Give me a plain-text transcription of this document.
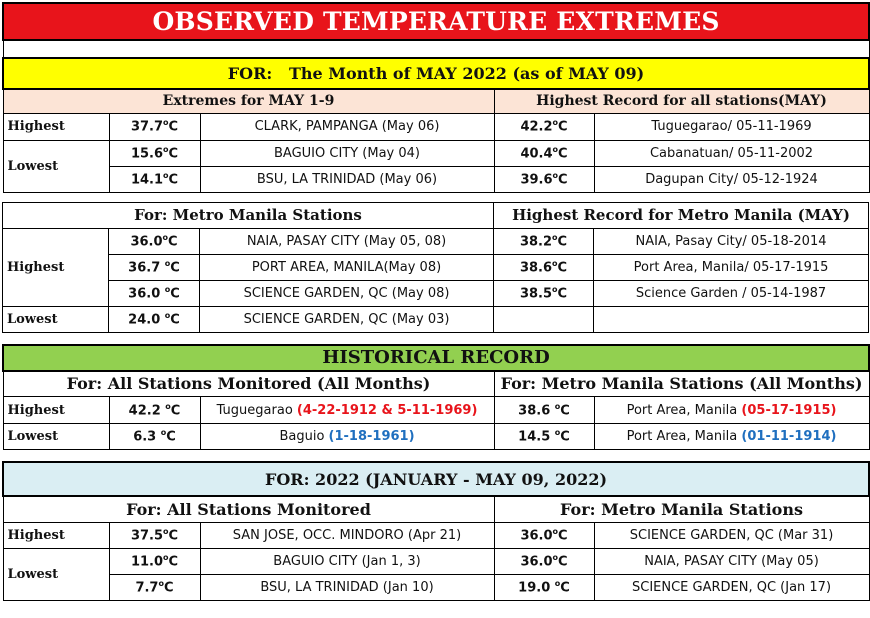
OBSERVED TEMPERATURE EXTREMES				

FOR: The Month of MAY 2022 (as of MAY 09)				
Extremes for MAY 1-9			Highest Record for all stations(MAY)	
Highest	37.7$^o$C	CLARK, PAMPANGA (May 06)	42.2$^o$C	Tuguegarao/ 05-11-1969
Lowest	15.6$^o$C	BAGUIO CITY (May 04)	40.4$^o$C	Cabanatuan/ 05-11-2002
	14.1$^o$C	BSU, LA TRINIDAD (May 06)	39.6$^o$C	Dagupan City/ 05-12-1924
For: Metro Manila Stations			Highest Record for Metro Manila (MAY)	
Highest	36.0$^o$C	NAIA, PASAY CITY (May 05, 08)	38.2$^o$C	NAIA, Pasay City/ 05-18-2014
	36.7 $^o$C	PORT AREA, MANILA(May 08)	38.6$^o$C	Port Area, Manila/ 05-17-1915
	36.0 $^o$C	SCIENCE GARDEN, QC (May 08)	38.5$^o$C	Science Garden / 05-14-1987
Lowest	24.0 $^o$C	SCIENCE GARDEN, QC (May 03)		
HISTORICAL RECORD				
For: All Stations Monitored (All Months)			For: Metro Manila Stations (All Months)	
Highest	42.2 $^o$C	Tuguegarao (4-22-1912 & 5-11-1969)	38.6 $^o$C	Port Area, Manila (05-17-1915)
Lowest	6.3 $^o$C	Baguio (1-18-1961)	14.5 $^o$C	Port Area, Manila (01-11-1914)
FOR: 2022 (JANUARY - MAY 09, 2022)				
For: All Stations Monitored			For: Metro Manila Stations	
Highest	37.5$^o$C	SAN JOSE, OCC. MINDORO (Apr 21)	36.0$^o$C	SCIENCE GARDEN, QC (Mar 31)
Lowest	11.0$^o$C	BAGUIO CITY (Jan 1, 3)	36.0$^o$C	NAIA, PASAY CITY (May 05)
	7.7$^o$C	BSU, LA TRINIDAD (Jan 10)	19.0 $^o$C	SCIENCE GARDEN, QC (Jan 17)
